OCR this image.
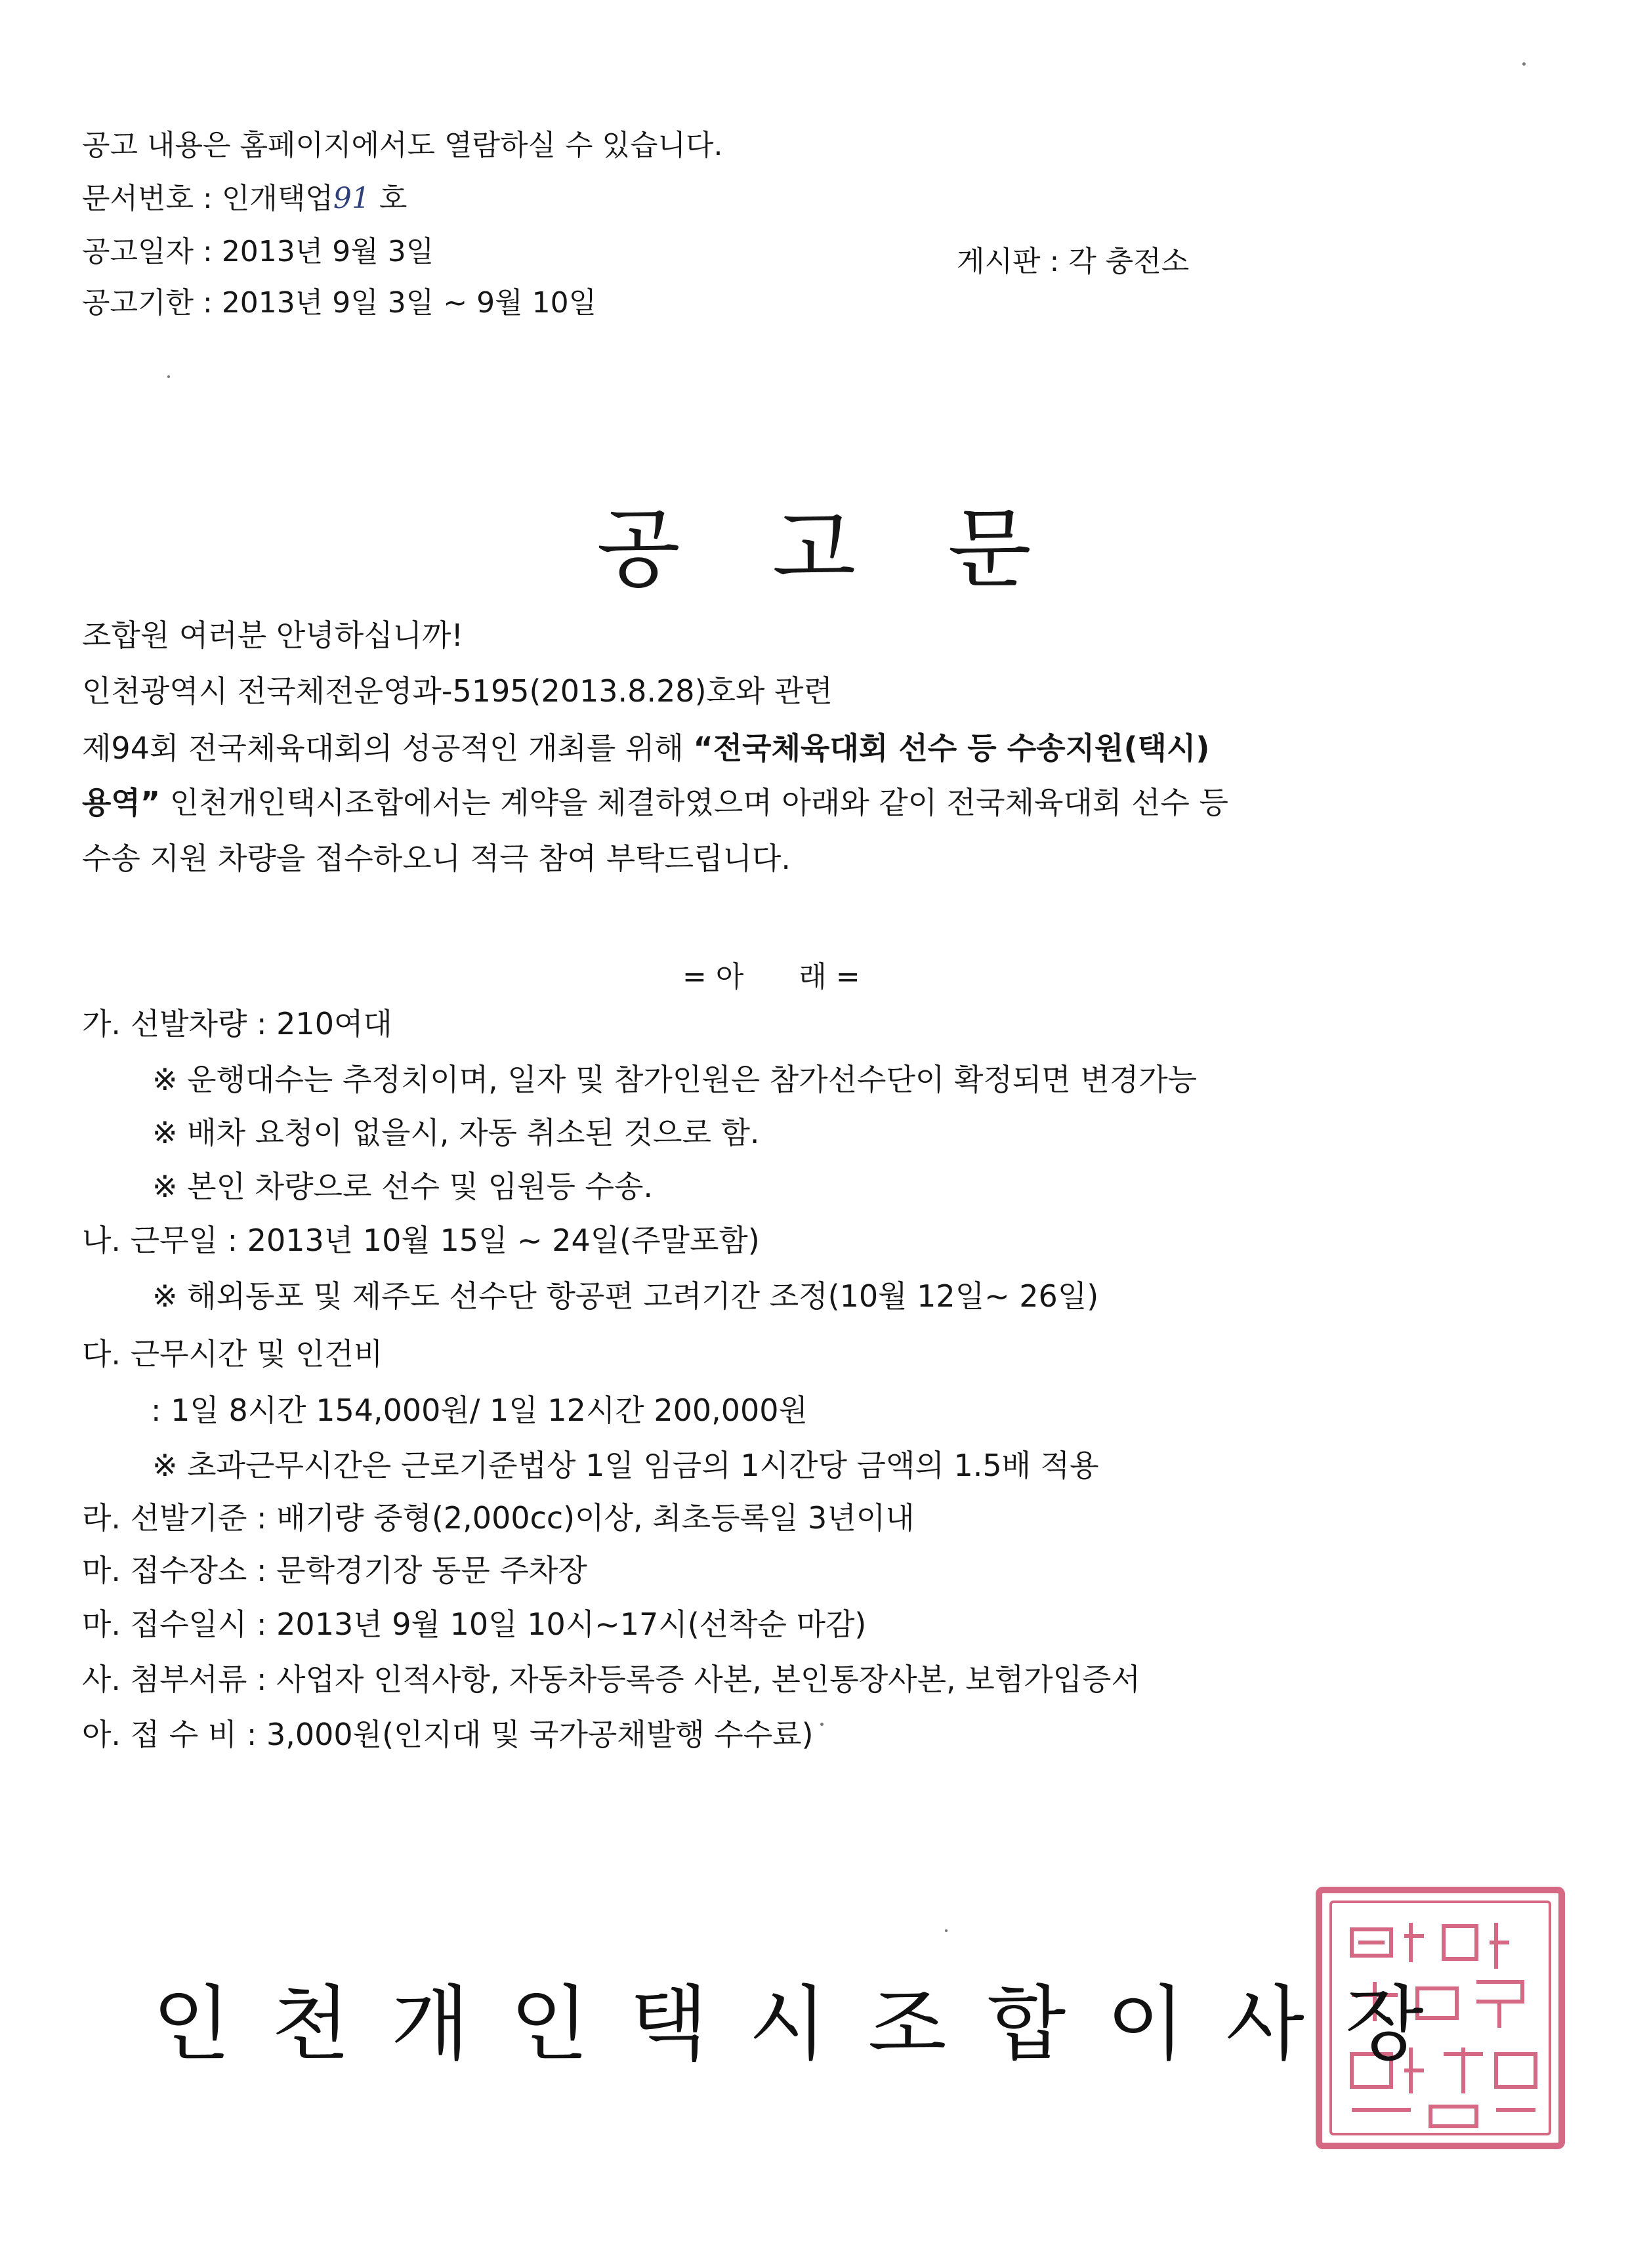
공고 내용은 홈페이지에서도 열람하실 수 있습니다.
문서번호 : 인개택업91 호
공고일자 : 2013년 9월 3일	게시판 : 각 충전소
공고기한 : 2013년 9일 3일 ~ 9월 10일
공고문
조합원 여러분 안녕하십니까!
인천광역시 전국체전운영과-5195(2013.8.28)호와 관련
제94회 전국체육대회의 성공적인 개최를 위해 “전국체육대회 선수 등 수송지원(택시)
용역” 인천개인택시조합에서는 계약을 체결하였으며 아래와 같이 전국체육대회 선수 등
수송 지원 차량을 접수하오니 적극 참여 부탁드립니다.
= 아      래 =
가. 선발차량 : 210여대
※ 운행대수는 추정치이며, 일자 및 참가인원은 참가선수단이 확정되면 변경가능
※ 배차 요청이 없을시, 자동 취소된 것으로 함.
※ 본인 차량으로 선수 및 임원등 수송.
나. 근무일 : 2013년 10월 15일 ~ 24일(주말포함)
※ 해외동포 및 제주도 선수단 항공편 고려기간 조정(10월 12일~ 26일)
다. 근무시간 및 인건비
: 1일 8시간 154,000원/ 1일 12시간 200,000원
※ 초과근무시간은 근로기준법상 1일 임금의 1시간당 금액의 1.5배 적용
라. 선발기준 : 배기량 중형(2,000cc)이상, 최초등록일 3년이내
마. 접수장소 : 문학경기장 동문 주차장
마. 접수일시 : 2013년 9월 10일 10시~17시(선착순 마감)
사. 첨부서류 : 사업자 인적사항, 자동차등록증 사본, 본인통장사본, 보험가입증서
아. 접 수 비 : 3,000원(인지대 및 국가공채발행 수수료)
인천개인택시조합이사장
